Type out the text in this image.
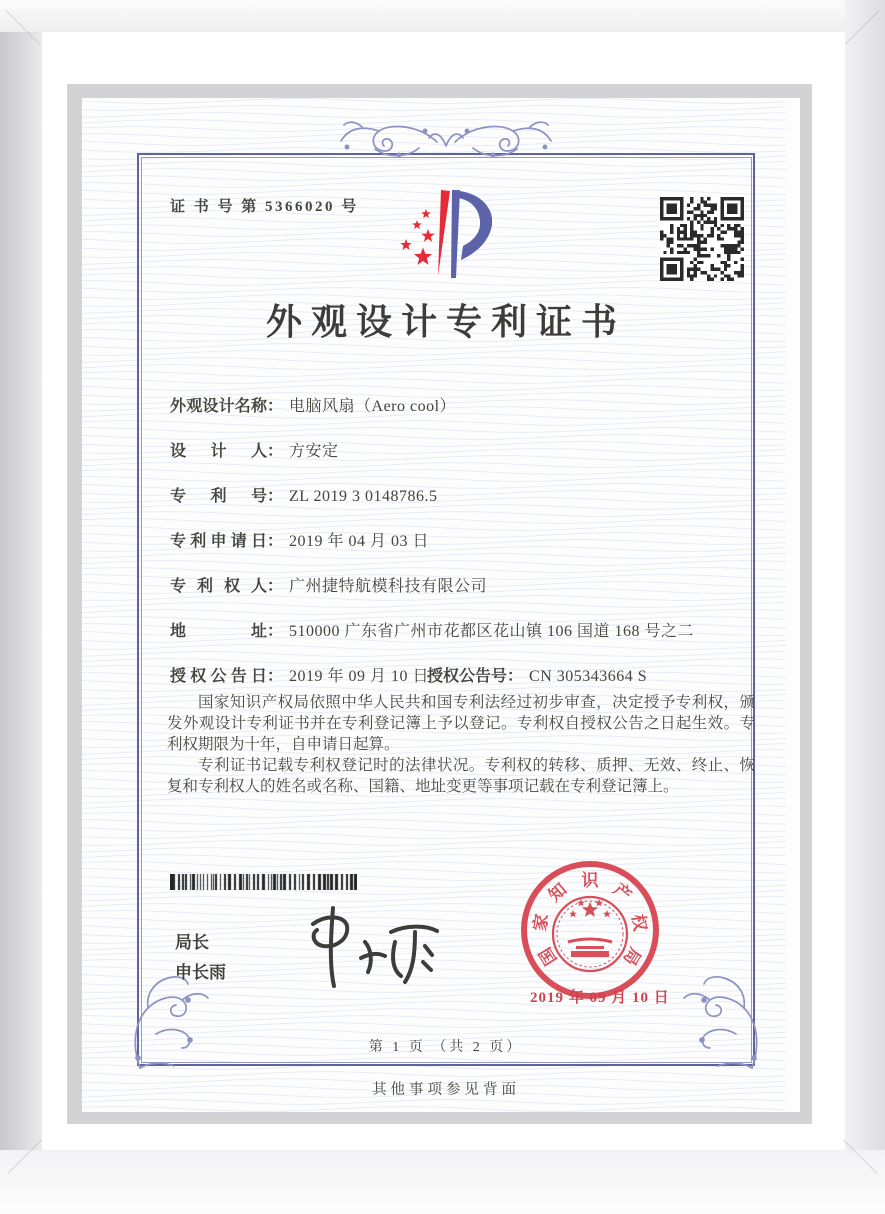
证 书 号 第 5366020 号
外观设计专利证书
外观设计名称： 电脑风扇（Aero cool）
设计人： 方安定
专利号： ZL 2019 3 0148786.5
专利申请日： 2019 年 04 月 03 日
专利权人： 广州捷特航模科技有限公司
地址： 510000 广东省广州市花都区花山镇 106 国道 168 号之二
授权公告日： 2019 年 09 月 10 日
授权公告号： CN 305343664 S

国家知识产权局依照中华人民共和国专利法经过初步审查，决定授予专利权，颁发外观设计专利证书并在专利登记簿上予以登记。专利权自授权公告之日起生效。专利权期限为十年，自申请日起算。

专利证书记载专利权登记时的法律状况。专利权的转移、质押、无效、终止、恢复和专利权人的姓名或名称、国籍、地址变更等事项记载在专利登记簿上。

局长
申长雨
国
家
知 识 产
权
局
2019 年 09 月 10 日
第 1 页 （共 2 页）
其他事项参见背面
